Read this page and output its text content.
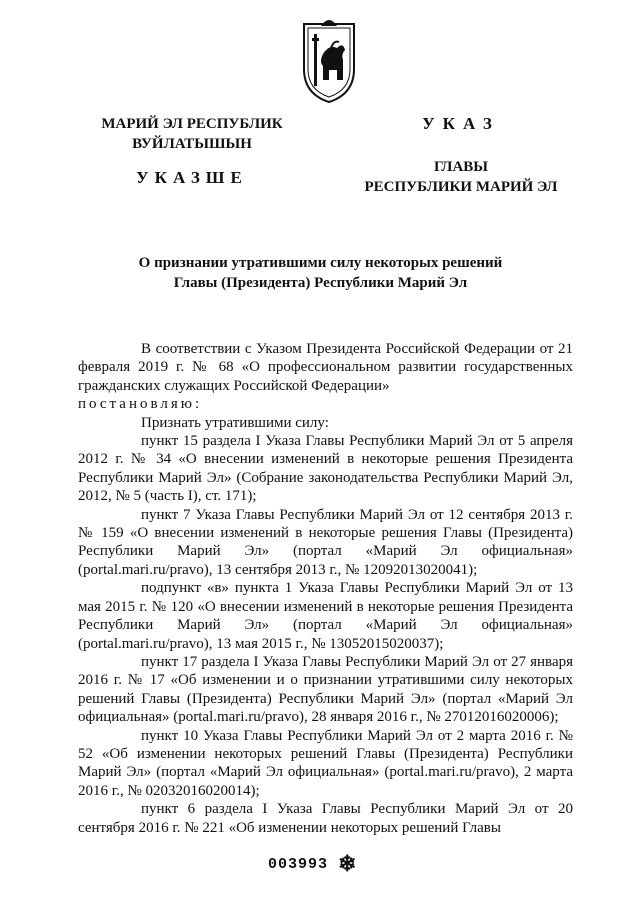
МАРИЙ ЭЛ РЕСПУБЛИК
ВУЙЛАТЫШЫН
УКАЗШЕ
УКАЗ
ГЛАВЫ
РЕСПУБЛИКИ МАРИЙ ЭЛ
О признании утратившими силу некоторых решений
Главы (Президента) Республики Марий Эл

В соответствии с Указом Президента Российской Федерации от 21 февраля 2019 г. № 68 «О профессиональном развитии государственных гражданских служащих Российской Федерации»

постановляю:

Признать утратившими силу:

пункт 15 раздела I Указа Главы Республики Марий Эл от 5 апреля 2012 г. № 34 «О внесении изменений в некоторые решения Президента Республики Марий Эл» (Собрание законодательства Республики Марий Эл, 2012, № 5 (часть I), ст. 171);

пункт 7 Указа Главы Республики Марий Эл от 12 сентября 2013 г. № 159 «О внесении изменений в некоторые решения Главы (Президента) Республики Марий Эл» (портал «Марий Эл официальная» (portal.mari.ru/pravo), 13 сентября 2013 г., № 12092013020041);

подпункт «в» пункта 1 Указа Главы Республики Марий Эл от 13 мая 2015 г. № 120 «О внесении изменений в некоторые решения Президента Республики Марий Эл» (портал «Марий Эл официальная» (portal.mari.ru/pravo), 13 мая 2015 г., № 13052015020037);

пункт 17 раздела I Указа Главы Республики Марий Эл от 27 января 2016 г. № 17 «Об изменении и о признании утратившими силу некоторых решений Главы (Президента) Республики Марий Эл» (портал «Марий Эл официальная» (portal.mari.ru/pravo), 28 января 2016 г., № 27012016020006);

пункт 10 Указа Главы Республики Марий Эл от 2 марта 2016 г. № 52 «Об изменении некоторых решений Главы (Президента) Республики Марий Эл» (портал «Марий Эл официальная» (portal.mari.ru/pravo), 2 марта 2016 г., № 02032016020014);

пункт 6 раздела I Указа Главы Республики Марий Эл от 20 сентября 2016 г. № 221 «Об изменении некоторых решений Главы

003993 ❄
